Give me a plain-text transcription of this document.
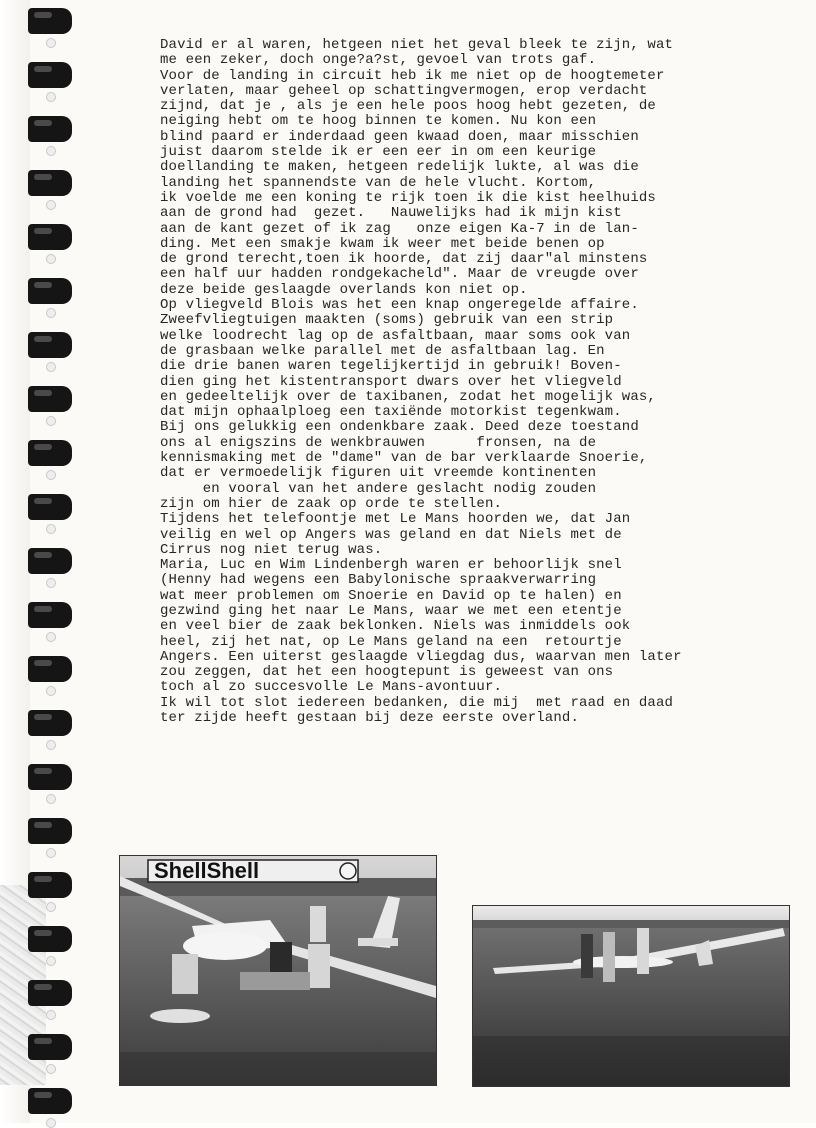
David er al waren, hetgeen niet het geval bleek te zijn, wat
me een zeker, doch onge?a?st, gevoel van trots gaf.
Voor de landing in circuit heb ik me niet op de hoogtemeter
verlaten, maar geheel op schattingvermogen, erop verdacht
zijnd, dat je , als je een hele poos hoog hebt gezeten, de
neiging hebt om te hoog binnen te komen. Nu kon een
blind paard er inderdaad geen kwaad doen, maar misschien
juist daarom stelde ik er een eer in om een keurige
doellanding te maken, hetgeen redelijk lukte, al was die
landing het spannendste van de hele vlucht. Kortom,
ik voelde me een koning te rijk toen ik die kist heelhuids
aan de grond had  gezet.   Nauwelijks had ik mijn kist
aan de kant gezet of ik zag   onze eigen Ka-7 in de lan-
ding. Met een smakje kwam ik weer met beide benen op
de grond terecht,toen ik hoorde, dat zij daar"al minstens
een half uur hadden rondgekacheld". Maar de vreugde over
deze beide geslaagde overlands kon niet op.
Op vliegveld Blois was het een knap ongeregelde affaire.
Zweefvliegtuigen maakten (soms) gebruik van een strip
welke loodrecht lag op de asfaltbaan, maar soms ook van
de grasbaan welke parallel met de asfaltbaan lag. En
die drie banen waren tegelijkertijd in gebruik! Boven-
dien ging het kistentransport dwars over het vliegveld
en gedeeltelijk over de taxibanen, zodat het mogelijk was,
dat mijn ophaalploeg een taxiënde motorkist tegenkwam.
Bij ons gelukkig een ondenkbare zaak. Deed deze toestand
ons al enigszins de wenkbrauwen      fronsen, na de
kennismaking met de "dame" van de bar verklaarde Snoerie,
dat er vermoedelijk figuren uit vreemde kontinenten
en vooral van het andere geslacht nodig zouden
zijn om hier de zaak op orde te stellen.
Tijdens het telefoontje met Le Mans hoorden we, dat Jan
veilig en wel op Angers was geland en dat Niels met de
Cirrus nog niet terug was.
Maria, Luc en Wim Lindenbergh waren er behoorlijk snel
(Henny had wegens een Babylonische spraakverwarring
wat meer problemen om Snoerie en David op te halen) en
gezwind ging het naar Le Mans, waar we met een etentje
en veel bier de zaak beklonken. Niels was inmiddels ook
heel, zij het nat, op Le Mans geland na een  retourtje
Angers. Een uiterst geslaagde vliegdag dus, waarvan men later
zou zeggen, dat het een hoogtepunt is geweest van ons
toch al zo succesvolle Le Mans-avontuur.
Ik wil tot slot iedereen bedanken, die mij  met raad en daad
ter zijde heeft gestaan bij deze eerste overland.
ShellShell
